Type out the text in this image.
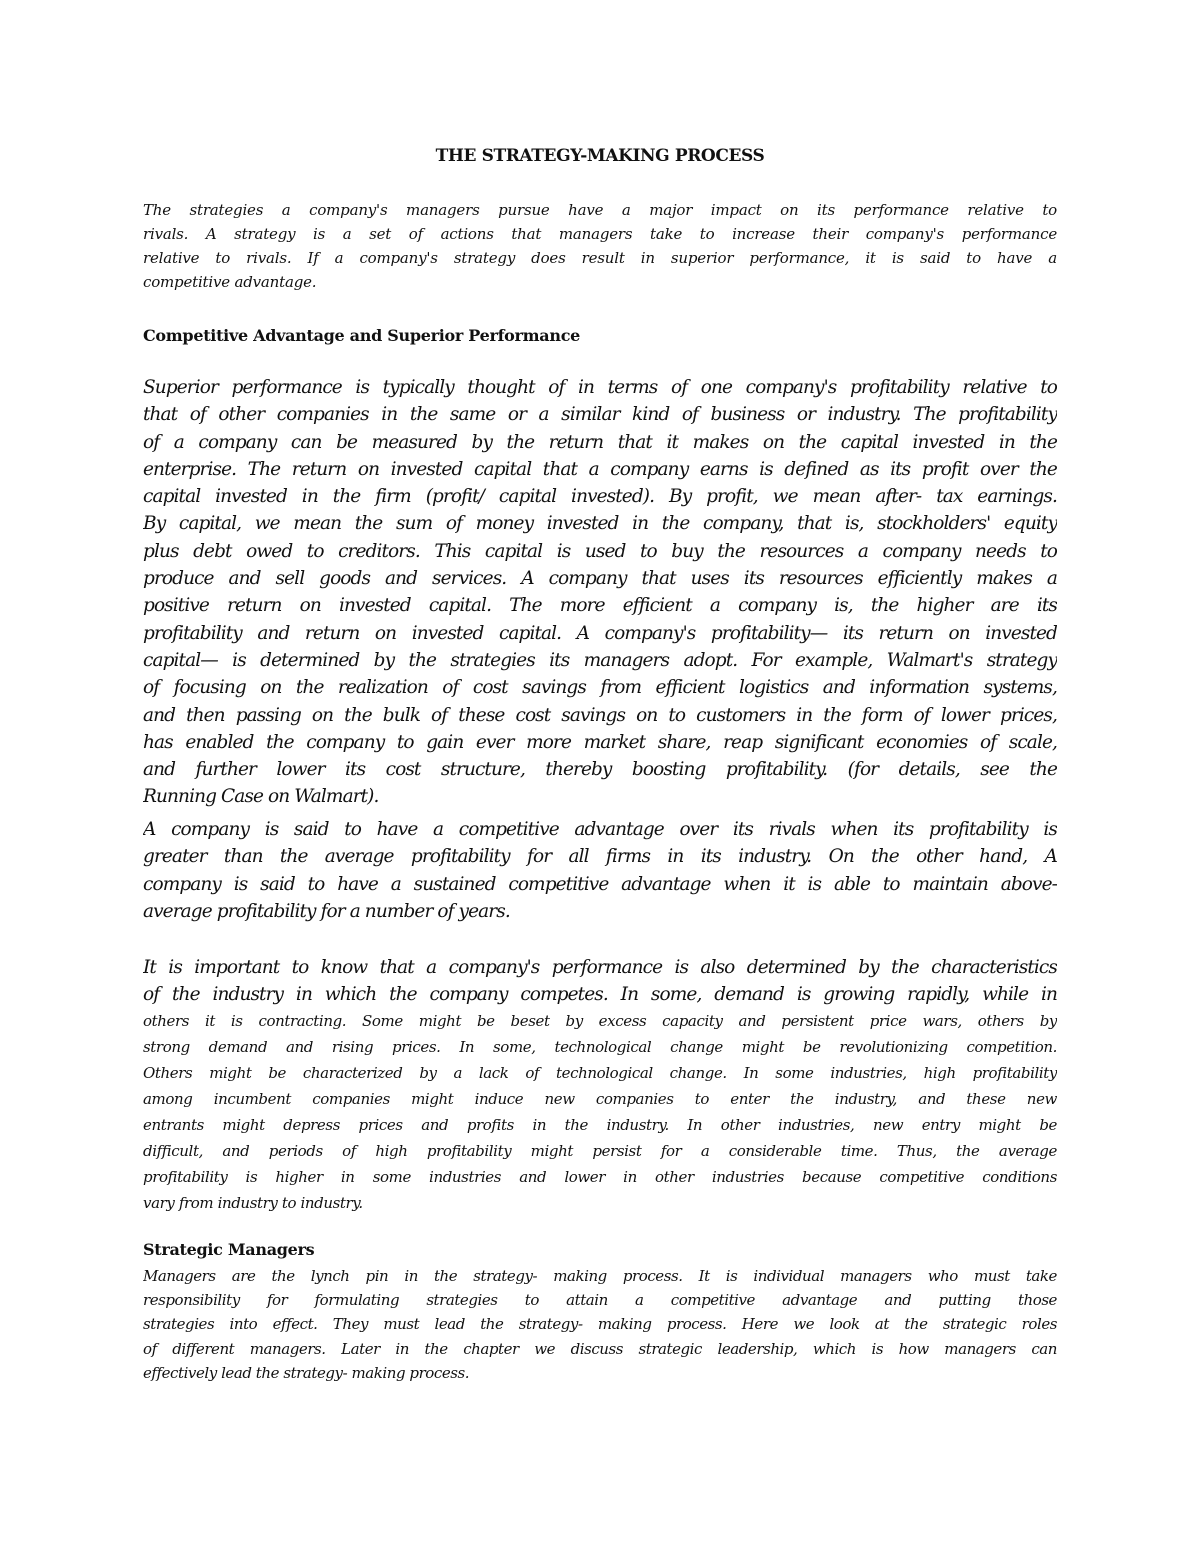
THE STRATEGY-MAKING PROCESS
The strategies a company's managers pursue have a major impact on its performance relative to
rivals. A strategy is a set of actions that managers take to increase their company's performance
relative to rivals. If a company's strategy does result in superior performance, it is said to have a
competitive advantage.
Competitive Advantage and Superior Performance
Superior performance is typically thought of in terms of one company's profitability relative to
that of other companies in the same or a similar kind of business or industry. The profitability
of a company can be measured by the return that it makes on the capital invested in the
enterprise. The return on invested capital that a company earns is defined as its profit over the
capital invested in the firm (profit/ capital invested). By profit, we mean after- tax earnings.
By capital, we mean the sum of money invested in the company, that is, stockholders' equity
plus debt owed to creditors. This capital is used to buy the resources a company needs to
produce and sell goods and services. A company that uses its resources efficiently makes a
positive return on invested capital. The more efficient a company is, the higher are its
profitability and return on invested capital. A company's profitability— its return on invested
capital— is determined by the strategies its managers adopt. For example, Walmart's strategy
of focusing on the realization of cost savings from efficient logistics and information systems,
and then passing on the bulk of these cost savings on to customers in the form of lower prices,
has enabled the company to gain ever more market share, reap significant economies of scale,
and further lower its cost structure, thereby boosting profitability. (for details, see the
Running Case on Walmart).
A company is said to have a competitive advantage over its rivals when its profitability is
greater than the average profitability for all firms in its industry. On the other hand, A
company is said to have a sustained competitive advantage when it is able to maintain above-
average profitability for a number of years.
It is important to know that a company's performance is also determined by the characteristics
of the industry in which the company competes. In some, demand is growing rapidly, while in
others it is contracting. Some might be beset by excess capacity and persistent price wars, others by
strong demand and rising prices. In some, technological change might be revolutionizing competition.
Others might be characterized by a lack of technological change. In some industries, high profitability
among incumbent companies might induce new companies to enter the industry, and these new
entrants might depress prices and profits in the industry. In other industries, new entry might be
difficult, and periods of high profitability might persist for a considerable time. Thus, the average
profitability is higher in some industries and lower in other industries because competitive conditions
vary from industry to industry.
Strategic Managers
Managers are the lynch pin in the strategy- making process. It is individual managers who must take
responsibility for formulating strategies to attain a competitive advantage and putting those
strategies into effect. They must lead the strategy- making process. Here we look at the strategic roles
of different managers. Later in the chapter we discuss strategic leadership, which is how managers can
effectively lead the strategy- making process.
